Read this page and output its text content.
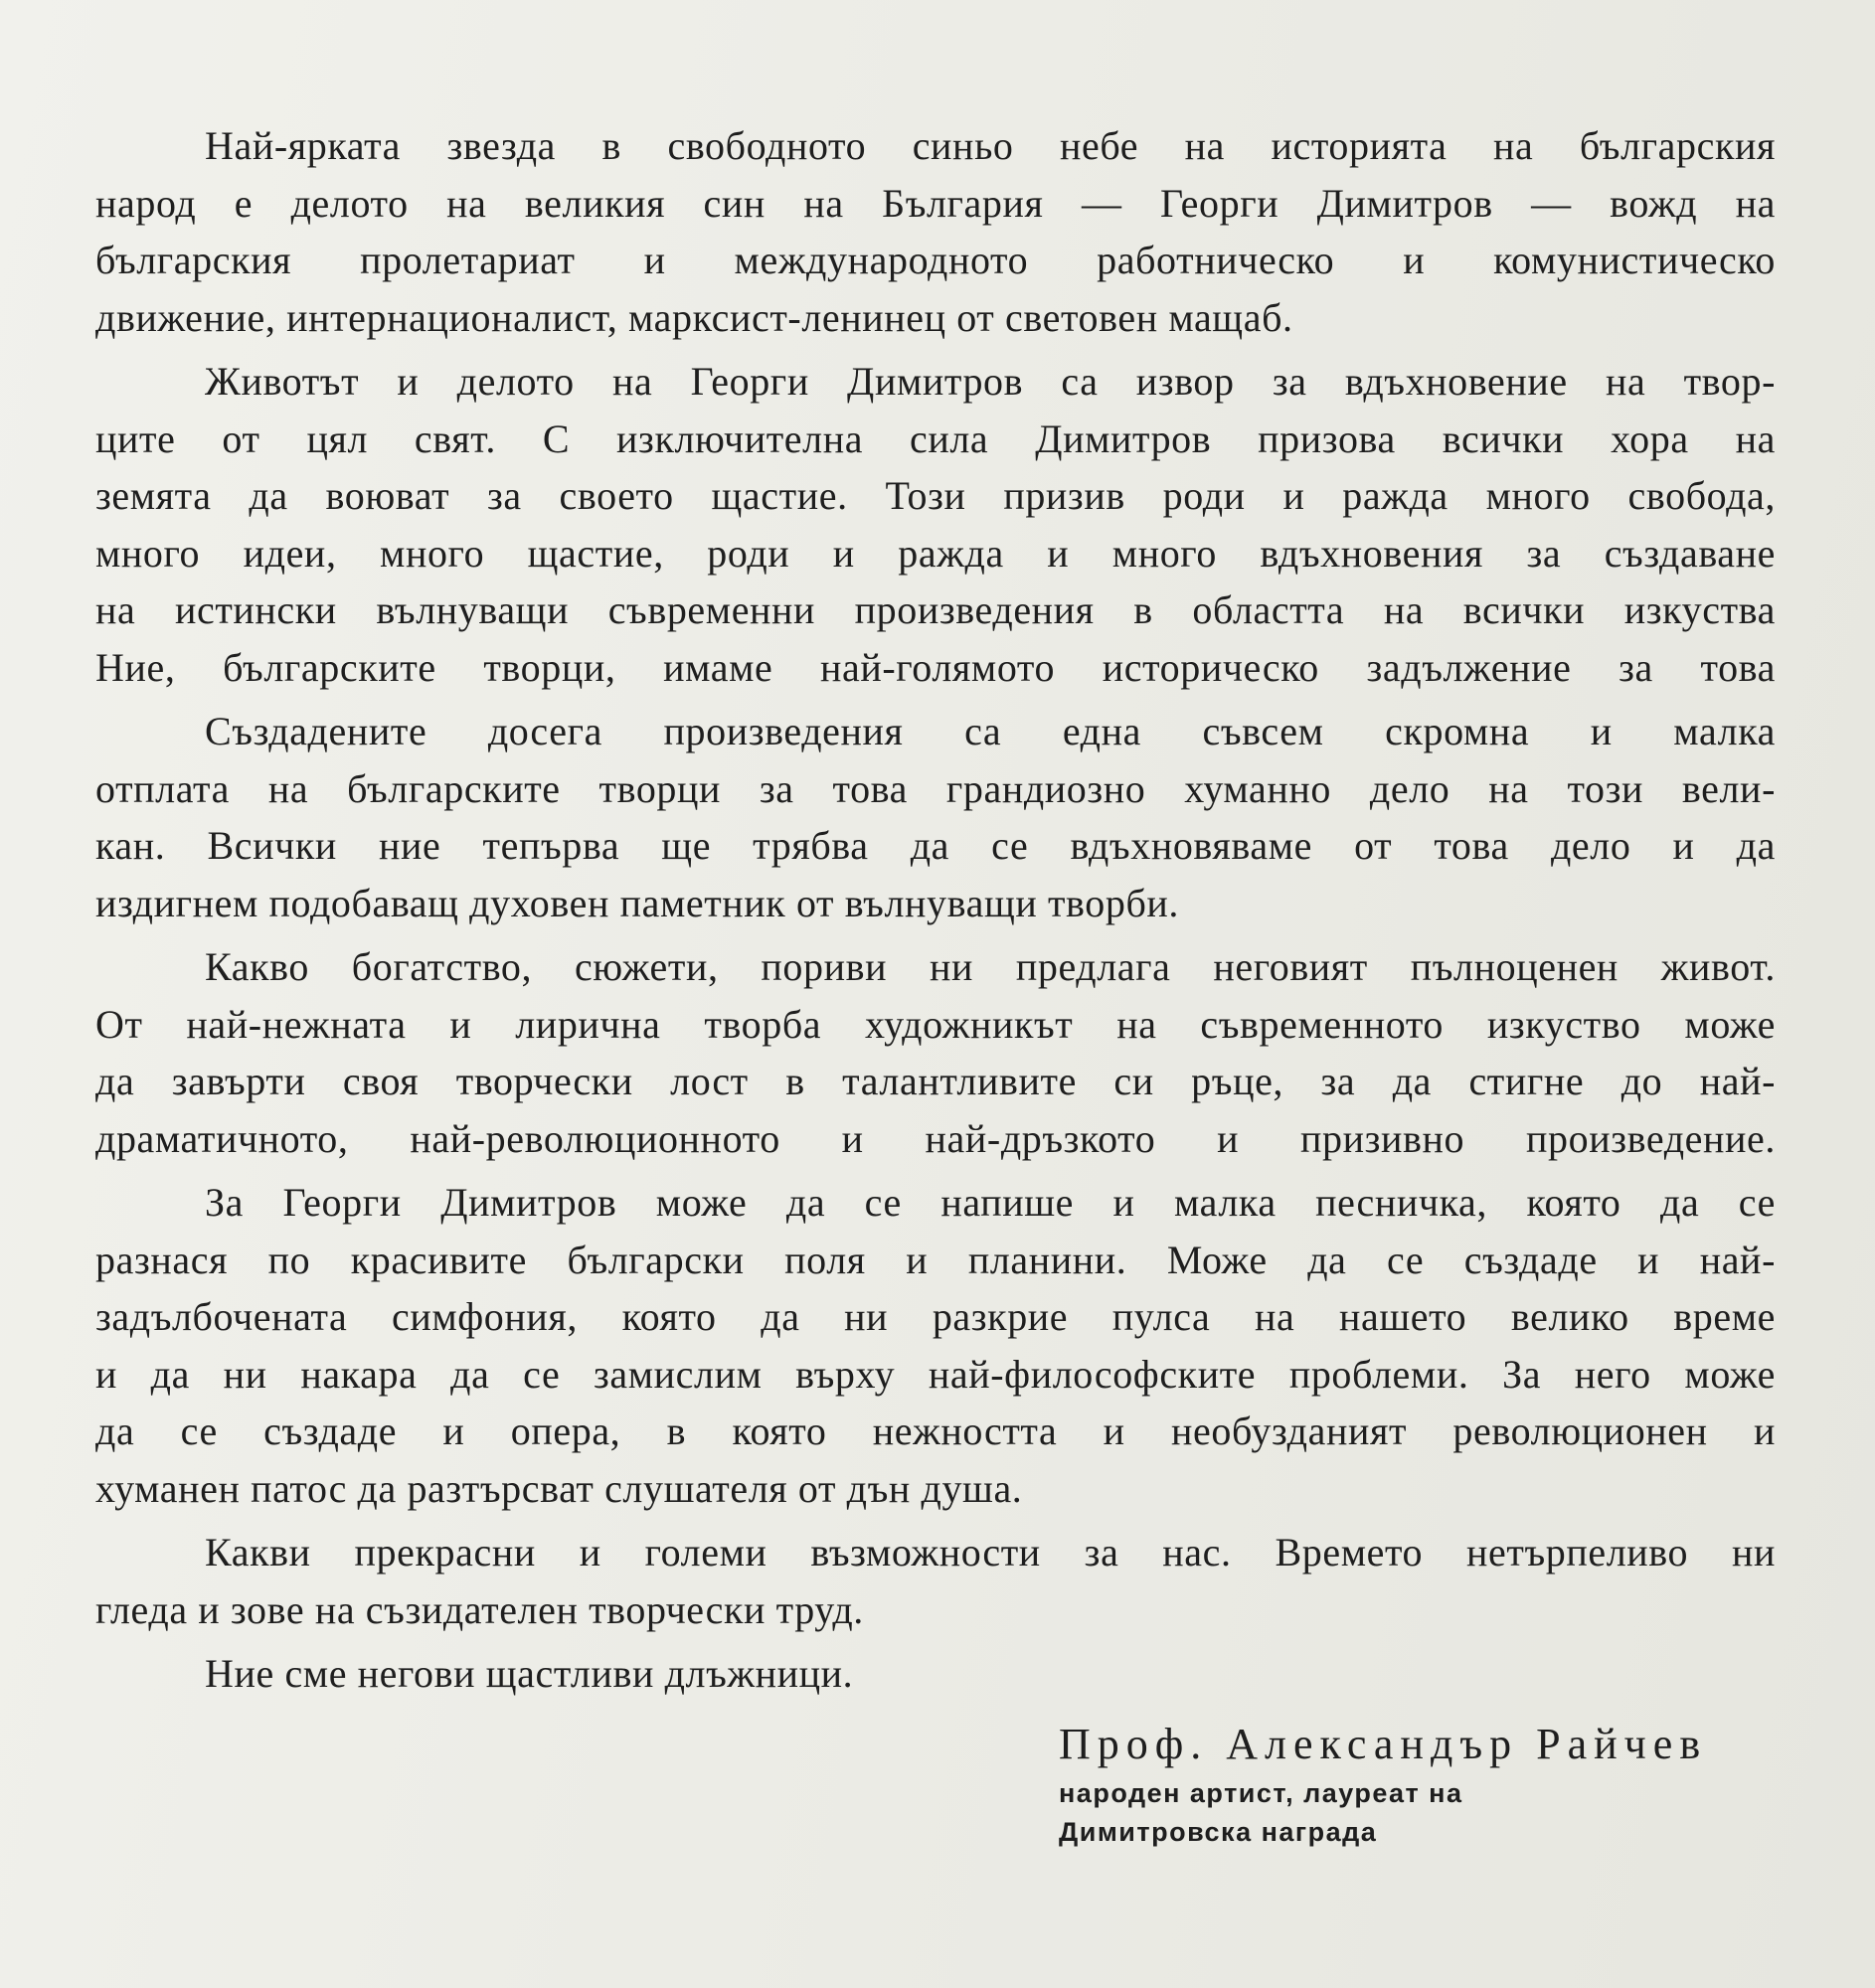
Най-ярката звезда в свободното синьо небе на историята на българския
народ е делото на великия син на България — Георги Димитров — вожд на
българския пролетариат и международното работническо и комунистическо
движение, интернационалист, марксист-ленинец от световен мащаб.

Животът и делото на Георги Димитров са извор за вдъхновение на твор-
ците от цял свят. С изключителна сила Димитров призова всички хора на
земята да воюват за своето щастие. Този призив роди и ражда много свобода,
много идеи, много щастие, роди и ражда и много вдъхновения за създаване
на истински вълнуващи съвременни произведения в областта на всички изкуства
Ние, българските творци, имаме най-голямото историческо задължение за това

Създадените досега произведения са една съвсем скромна и малка
отплата на българските творци за това грандиозно хуманно дело на този вели-
кан. Всички ние тепърва ще трябва да се вдъхновяваме от това дело и да
издигнем подобаващ духовен паметник от вълнуващи творби.

Какво богатство, сюжети, пориви ни предлага неговият пълноценен живот.
От най-нежната и лирична творба художникът на съвременното изкуство може
да завърти своя творчески лост в талантливите си ръце, за да стигне до най-
драматичното, най-революционното и най-дръзкото и призивно произведение.

За Георги Димитров може да се напише и малка песничка, която да се
разнася по красивите български поля и планини. Може да се създаде и най-
задълбочената симфония, която да ни разкрие пулса на нашето велико време
и да ни накара да се замислим върху най-философските проблеми. За него може
да се създаде и опера, в която нежността и необузданият революционен и
хуманен патос да разтърсват слушателя от дън душа.

Какви прекрасни и големи възможности за нас. Времето нетърпеливо ни
гледа и зове на съзидателен творчески труд.

Ние сме негови щастливи длъжници.

Проф. Александър Райчев

народен артист, лауреат на

Димитровска награда
